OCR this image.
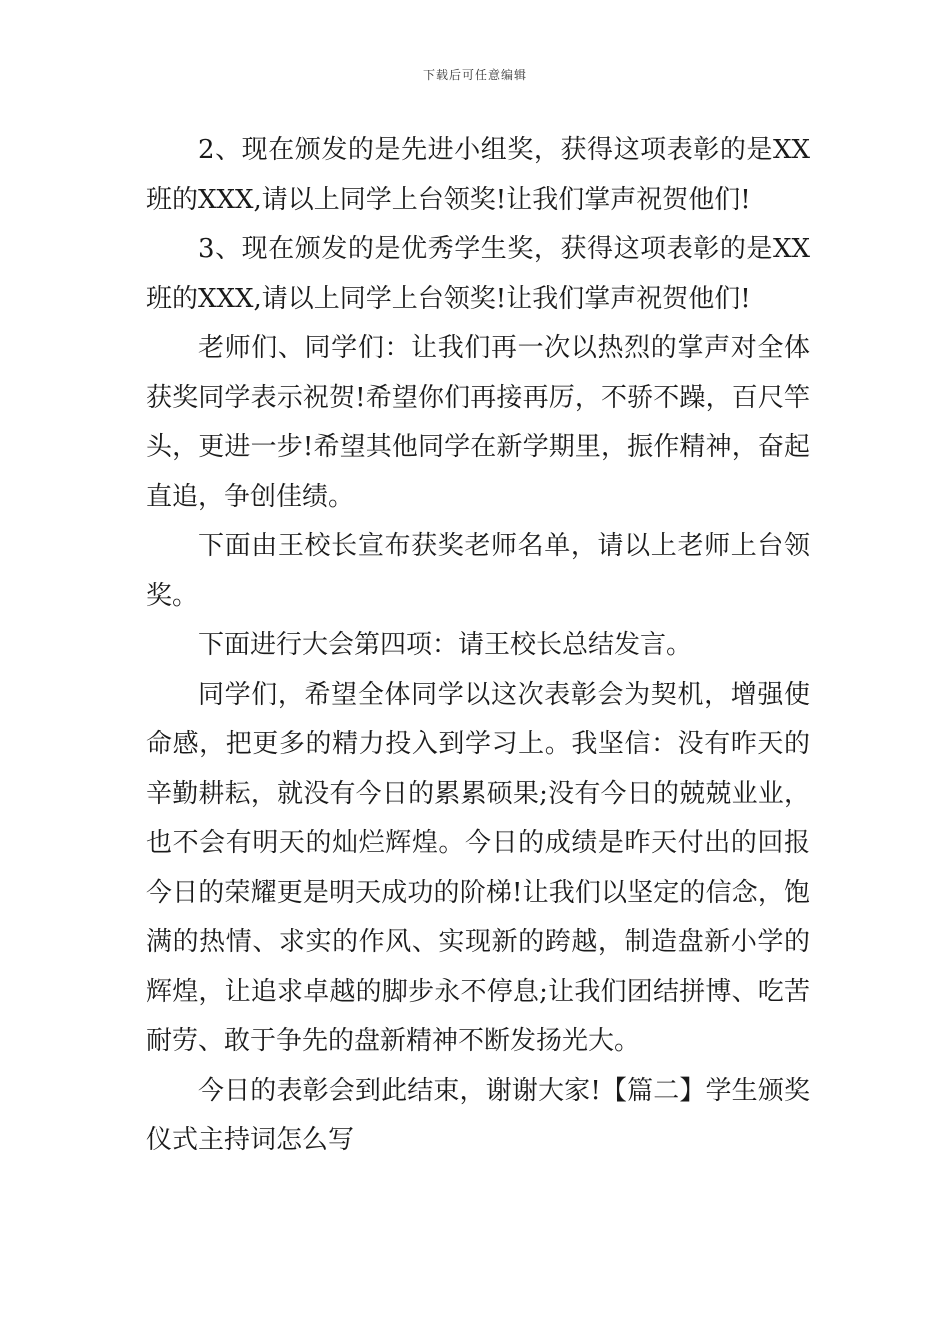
下载后可任意编辑

2、现在颁发的是先进小组奖，获得这项表彰的是XX班的XXX,请以上同学上台领奖!让我们掌声祝贺他们!

3、现在颁发的是优秀学生奖，获得这项表彰的是XX班的XXX,请以上同学上台领奖!让我们掌声祝贺他们!

老师们、同学们：让我们再一次以热烈的掌声对全体获奖同学表示祝贺!希望你们再接再厉，不骄不躁，百尺竿头，更进一步!希望其他同学在新学期里，振作精神，奋起直追，争创佳绩。

下面由王校长宣布获奖老师名单，请以上老师上台领奖。

下面进行大会第四项：请王校长总结发言。

同学们，希望全体同学以这次表彰会为契机，增强使命感，把更多的精力投入到学习上。我坚信：没有昨天的辛勤耕耘，就没有今日的累累硕果;没有今日的兢兢业业，也不会有明天的灿烂辉煌。今日的成绩是昨天付出的回报今日的荣耀更是明天成功的阶梯!让我们以坚定的信念，饱满的热情、求实的作风、实现新的跨越，制造盘新小学的辉煌，让追求卓越的脚步永不停息;让我们团结拼博、吃苦耐劳、敢于争先的盘新精神不断发扬光大。

今日的表彰会到此结束，谢谢大家!【篇二】学生颁奖仪式主持词怎么写
